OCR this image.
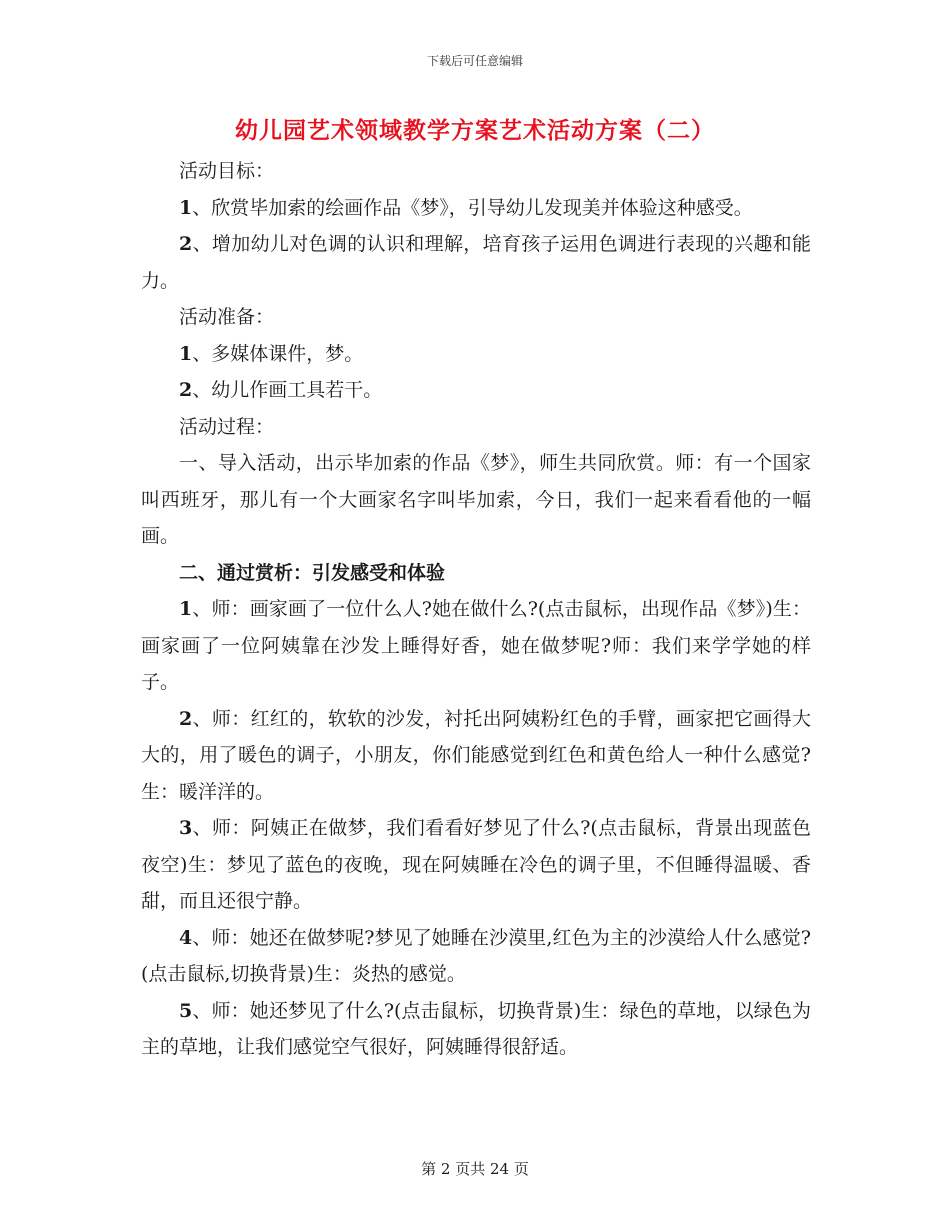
下载后可任意编辑
幼儿园艺术领域教学方案艺术活动方案（二）

活动目标：

1、欣赏毕加索的绘画作品《梦》，引导幼儿发现美并体验这种感受。

2、增加幼儿对色调的认识和理解，培育孩子运用色调进行表现的兴趣和能力。

活动准备：

1、多媒体课件，梦。

2、幼儿作画工具若干。

活动过程：

一、导入活动，出示毕加索的作品《梦》，师生共同欣赏。师：有一个国家叫西班牙，那儿有一个大画家名字叫毕加索，今日，我们一起来看看他的一幅画。

二、通过赏析：引发感受和体验

1、师：画家画了一位什么人?她在做什么?(点击鼠标，出现作品《梦》)生：画家画了一位阿姨靠在沙发上睡得好香，她在做梦呢?师：我们来学学她的样子。

2、师：红红的，软软的沙发，衬托出阿姨粉红色的手臂，画家把它画得大大的，用了暖色的调子，小朋友，你们能感觉到红色和黄色给人一种什么感觉?生：暖洋洋的。

3、师：阿姨正在做梦，我们看看好梦见了什么?(点击鼠标，背景出现蓝色夜空)生：梦见了蓝色的夜晚，现在阿姨睡在冷色的调子里，不但睡得温暖、香甜，而且还很宁静。

4、师：她还在做梦呢?梦见了她睡在沙漠里,红色为主的沙漠给人什么感觉?(点击鼠标,切换背景)生：炎热的感觉。

5、师：她还梦见了什么?(点击鼠标，切换背景)生：绿色的草地，以绿色为主的草地，让我们感觉空气很好，阿姨睡得很舒适。

第 2 页共 24 页
